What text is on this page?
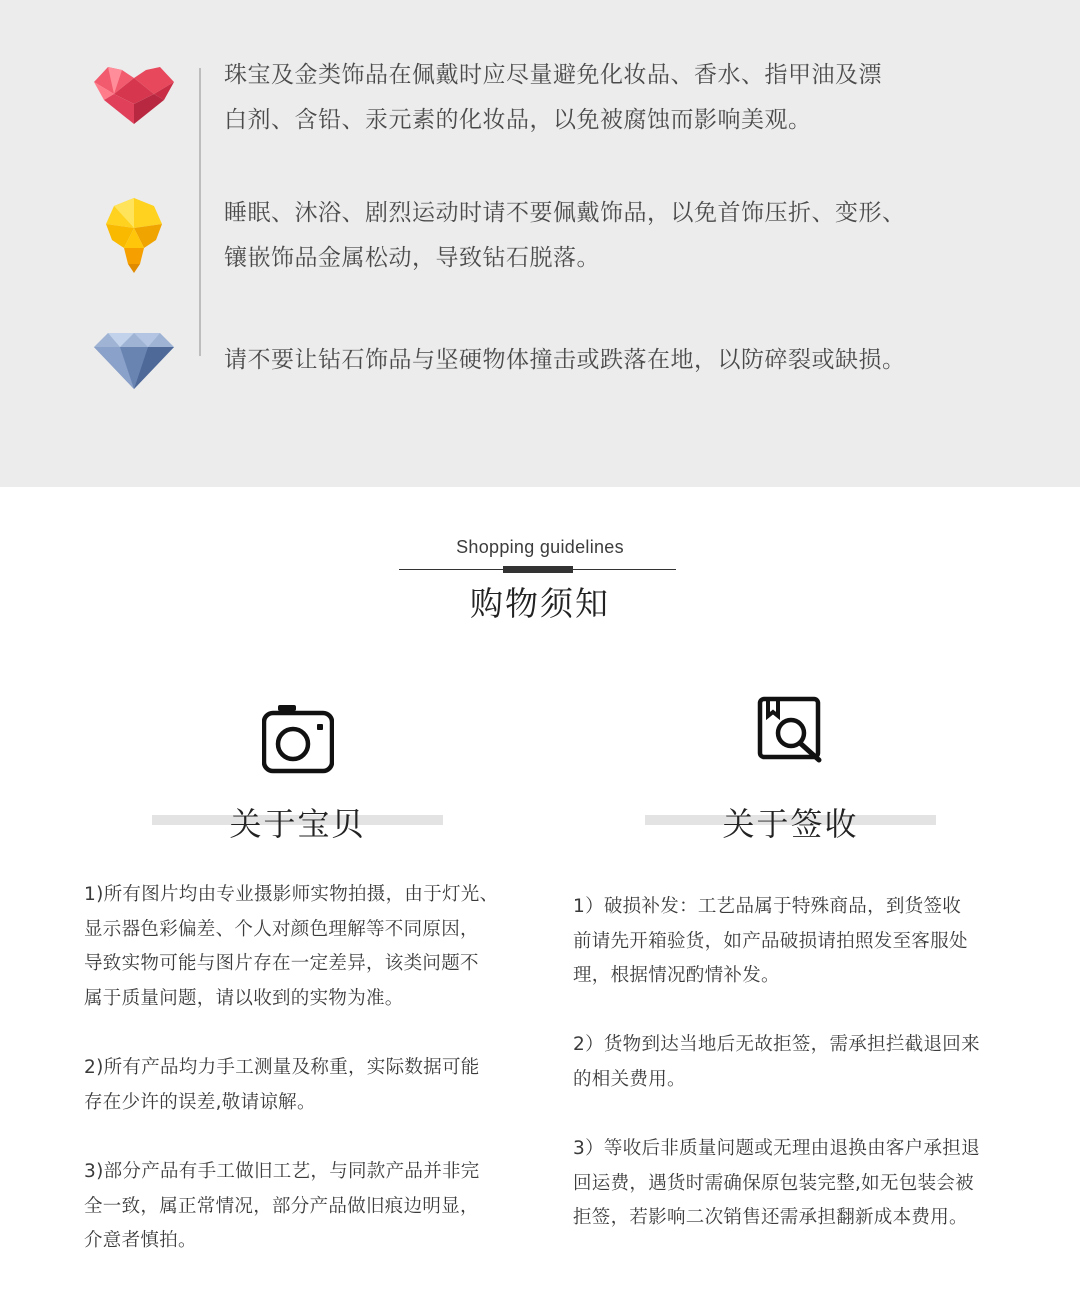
珠宝及金类饰品在佩戴时应尽量避免化妆品、香水、指甲油及漂
白剂、含铅、汞元素的化妆品，以免被腐蚀而影响美观。
睡眠、沐浴、剧烈运动时请不要佩戴饰品，以免首饰压折、变形、
镶嵌饰品金属松动，导致钻石脱落。
请不要让钻石饰品与坚硬物体撞击或跌落在地，以防碎裂或缺损。
Shopping guidelines
购物须知
关于宝贝
1)所有图片均由专业摄影师实物拍摄，由于灯光、
显示器色彩偏差、个人对颜色理解等不同原因，
导致实物可能与图片存在一定差异，该类问题不
属于质量问题，请以收到的实物为准。
2)所有产品均力手工测量及称重，实际数据可能
存在少许的误差,敬请谅解。
3)部分产品有手工做旧工艺，与同款产品并非完
全一致，属正常情况，部分产品做旧痕边明显，
介意者慎拍。
关于签收
1）破损补发：工艺品属于特殊商品，到货签收
前请先开箱验货，如产品破损请拍照发至客服处
理，根据情况酌情补发。
2）货物到达当地后无故拒签，需承担拦截退回来
的相关费用。
3）等收后非质量问题或无理由退换由客户承担退
回运费，遇货时需确保原包装完整,如无包装会被
拒签，若影响二次销售还需承担翻新成本费用。
